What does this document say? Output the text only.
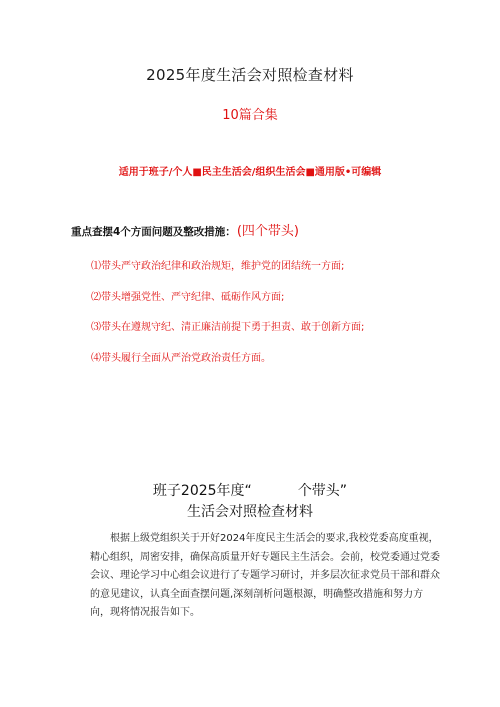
2025年度生活会对照检查材料
10篇合集
适用于班子/个人■民主生活会/组织生活会■通用版•可编辑
重点查摆4个方面问题及整改措施：(四个带头)
⑴带头严守政治纪律和政治规矩，维护党的团结统一方面;
⑵带头增强党性、严守纪律、砥砺作风方面;
⑶带头在遵规守纪、清正廉洁前提下勇于担责、敢于创新方面;
⑷带头履行全面从严治党政治责任方面。
班子2025年度“	个带头”
生活会对照检查材料
根据上级党组织关于开好2024年度民主生活会的要求,我校党委高度重视，精心组织，周密安排，确保高质量开好专题民主生活会。会前，校党委通过党委会议、理论学习中心组会议进行了专题学习研讨，并多层次征求党员干部和群众的意见建议，认真全面查摆问题,深刻剖析问题根源，明确整改措施和努力方向，现将情况报告如下。
